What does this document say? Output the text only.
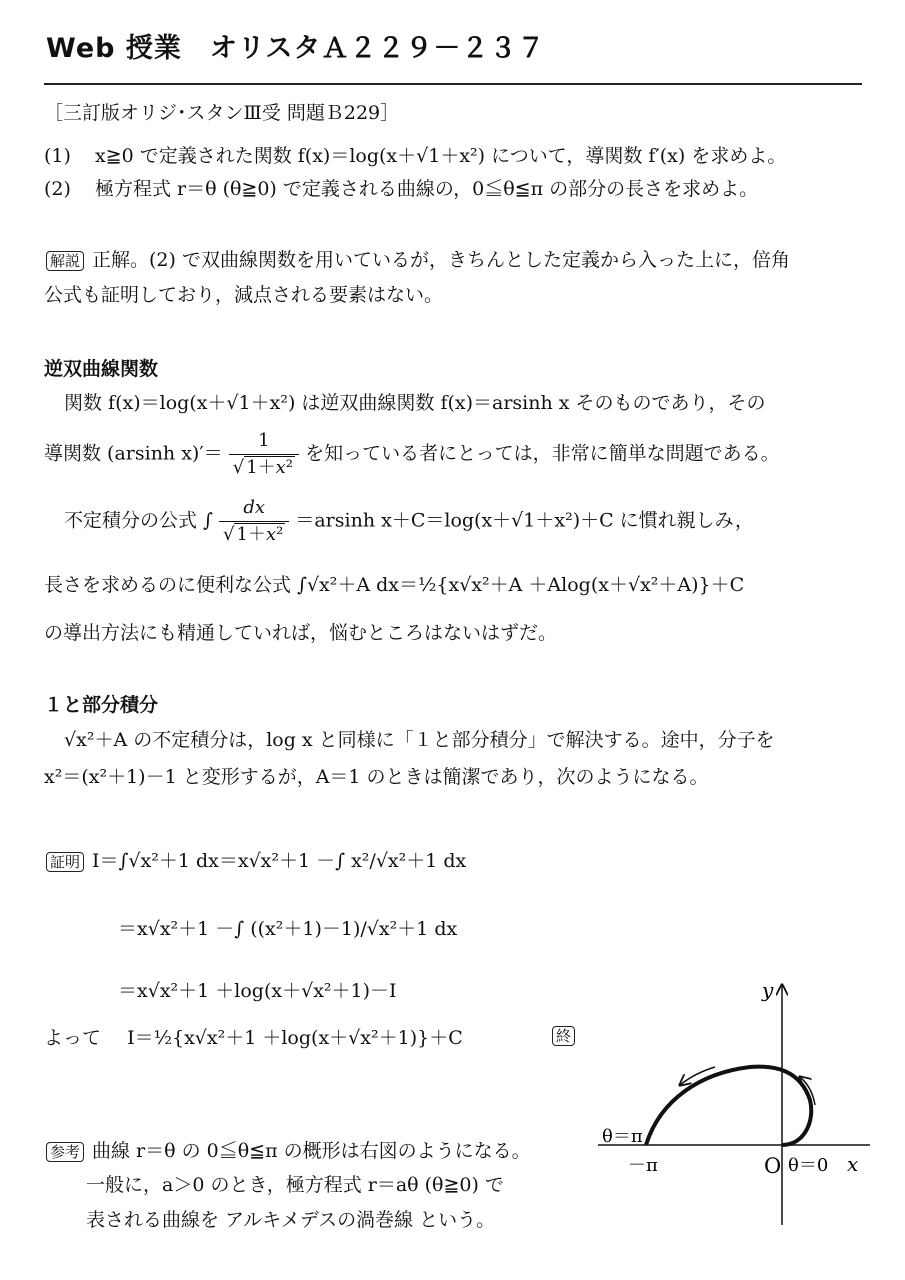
Web 授業　オリスタＡ２２９－２３７
［三訂版オリジ･スタンⅢ受 問題Ｂ229］
(1) x≧0 で定義された関数 f(x)＝log(x＋√1＋x²) について，導関数 f′(x) を求めよ。
(2) 極方程式 r＝θ (θ≧0) で定義される曲線の，0≦θ≦π の部分の長さを求めよ。
解説 正解。(2) で双曲線関数を用いているが，きちんとした定義から入った上に，倍角
公式も証明しており，減点される要素はない。
逆双曲線関数
関数 f(x)＝log(x＋√1＋x²) は逆双曲線関数 f(x)＝arsinh x そのものであり，その
導関数 (arsinh $x)'= \frac{1}{\text{√ 1＋x²}}$ を知っている者にとっては，非常に簡単な問題である。
不定積分の公式 ∫ $\frac{dx}{\text{√ 1＋x²}} =arsinh$ x＋C＝log(x＋√1＋x²)＋C に慣れ親しみ，
長さを求めるのに便利な公式 ∫√x²＋A dx＝½{x√x²＋A ＋Alog(x＋√x²＋A)}＋C
の導出方法にも精通していれば，悩むところはないはずだ。
１と部分積分
√x²＋A の不定積分は，log x と同様に「１と部分積分」で解決する。途中，分子を
x²＝(x²＋1)－1 と変形するが，A＝1 のときは簡潔であり，次のようになる。
証明 I＝∫√x²＋1 dx＝x√x²＋1 －∫ x²/√x²＋1 dx
＝x√x²＋1 －∫ ((x²＋1)－1)/√x²＋1 dx
＝x√x²＋1 ＋log(x＋√x²＋1)－I
よって I＝½{x√x²＋1 ＋log(x＋√x²＋1)}＋C	終
参考 曲線 r＝θ の 0≦θ≦π の概形は右図のようになる。
一般に，a＞0 のとき，極方程式 r＝aθ (θ≧0) で
表される曲線を アルキメデスの渦巻線 という。
y
x
O θ＝0
θ＝π
－π
